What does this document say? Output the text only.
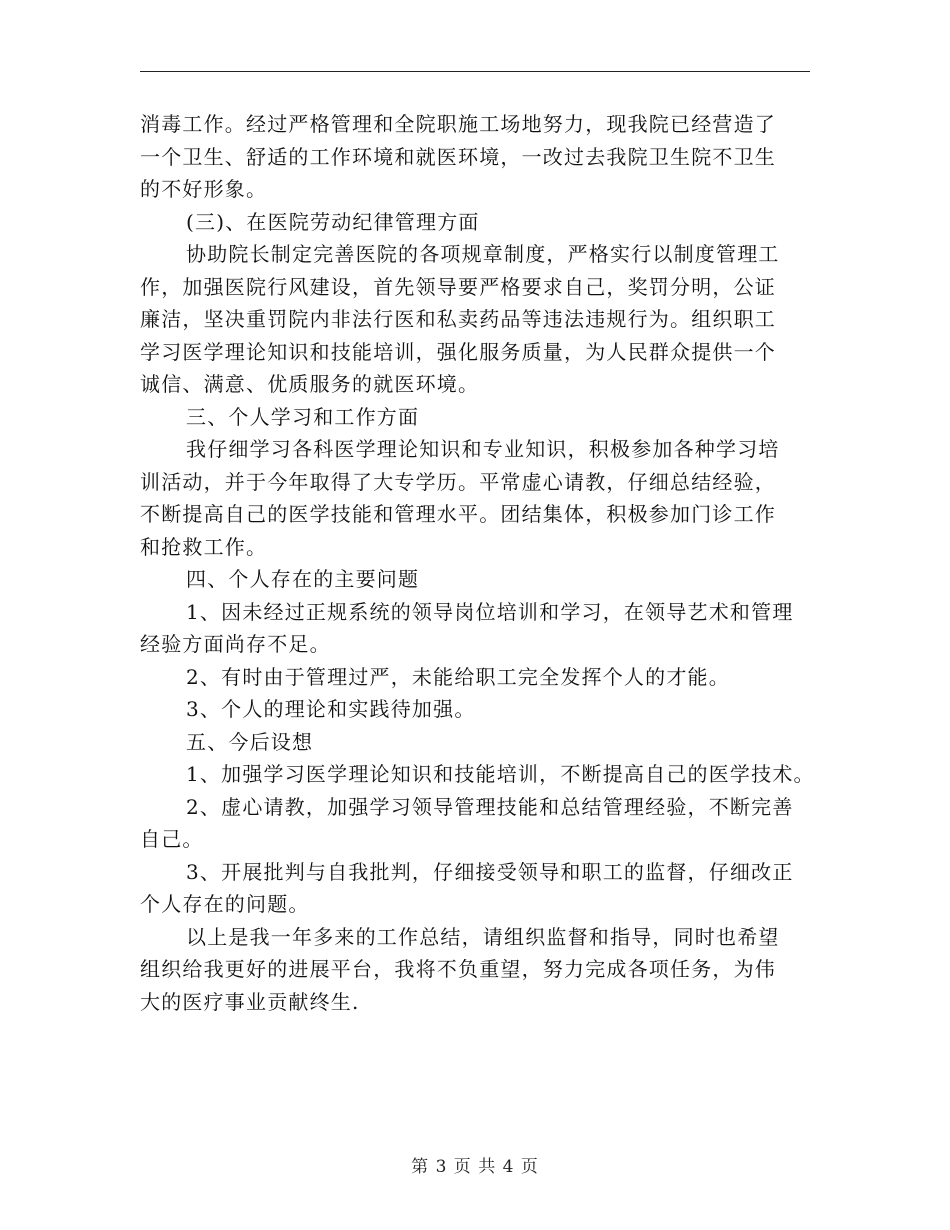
消毒工作。经过严格管理和全院职施工场地努力，现我院已经营造了

一个卫生、舒适的工作环境和就医环境，一改过去我院卫生院不卫生

的不好形象。

(三)、在医院劳动纪律管理方面

协助院长制定完善医院的各项规章制度，严格实行以制度管理工

作，加强医院行风建设，首先领导要严格要求自己，奖罚分明，公证

廉洁，坚决重罚院内非法行医和私卖药品等违法违规行为。组织职工

学习医学理论知识和技能培训，强化服务质量，为人民群众提供一个

诚信、满意、优质服务的就医环境。

三、个人学习和工作方面

我仔细学习各科医学理论知识和专业知识，积极参加各种学习培

训活动，并于今年取得了大专学历。平常虚心请教，仔细总结经验，

不断提高自己的医学技能和管理水平。团结集体，积极参加门诊工作

和抢救工作。

四、个人存在的主要问题

1、因未经过正规系统的领导岗位培训和学习，在领导艺术和管理

经验方面尚存不足。

2、有时由于管理过严，未能给职工完全发挥个人的才能。

3、个人的理论和实践待加强。

五、今后设想

1、加强学习医学理论知识和技能培训，不断提高自己的医学技术。

2、虚心请教，加强学习领导管理技能和总结管理经验，不断完善

自己。

3、开展批判与自我批判，仔细接受领导和职工的监督，仔细改正

个人存在的问题。

以上是我一年多来的工作总结，请组织监督和指导，同时也希望

组织给我更好的进展平台，我将不负重望，努力完成各项任务，为伟

大的医疗事业贡献终生.

第 3 页 共 4 页
